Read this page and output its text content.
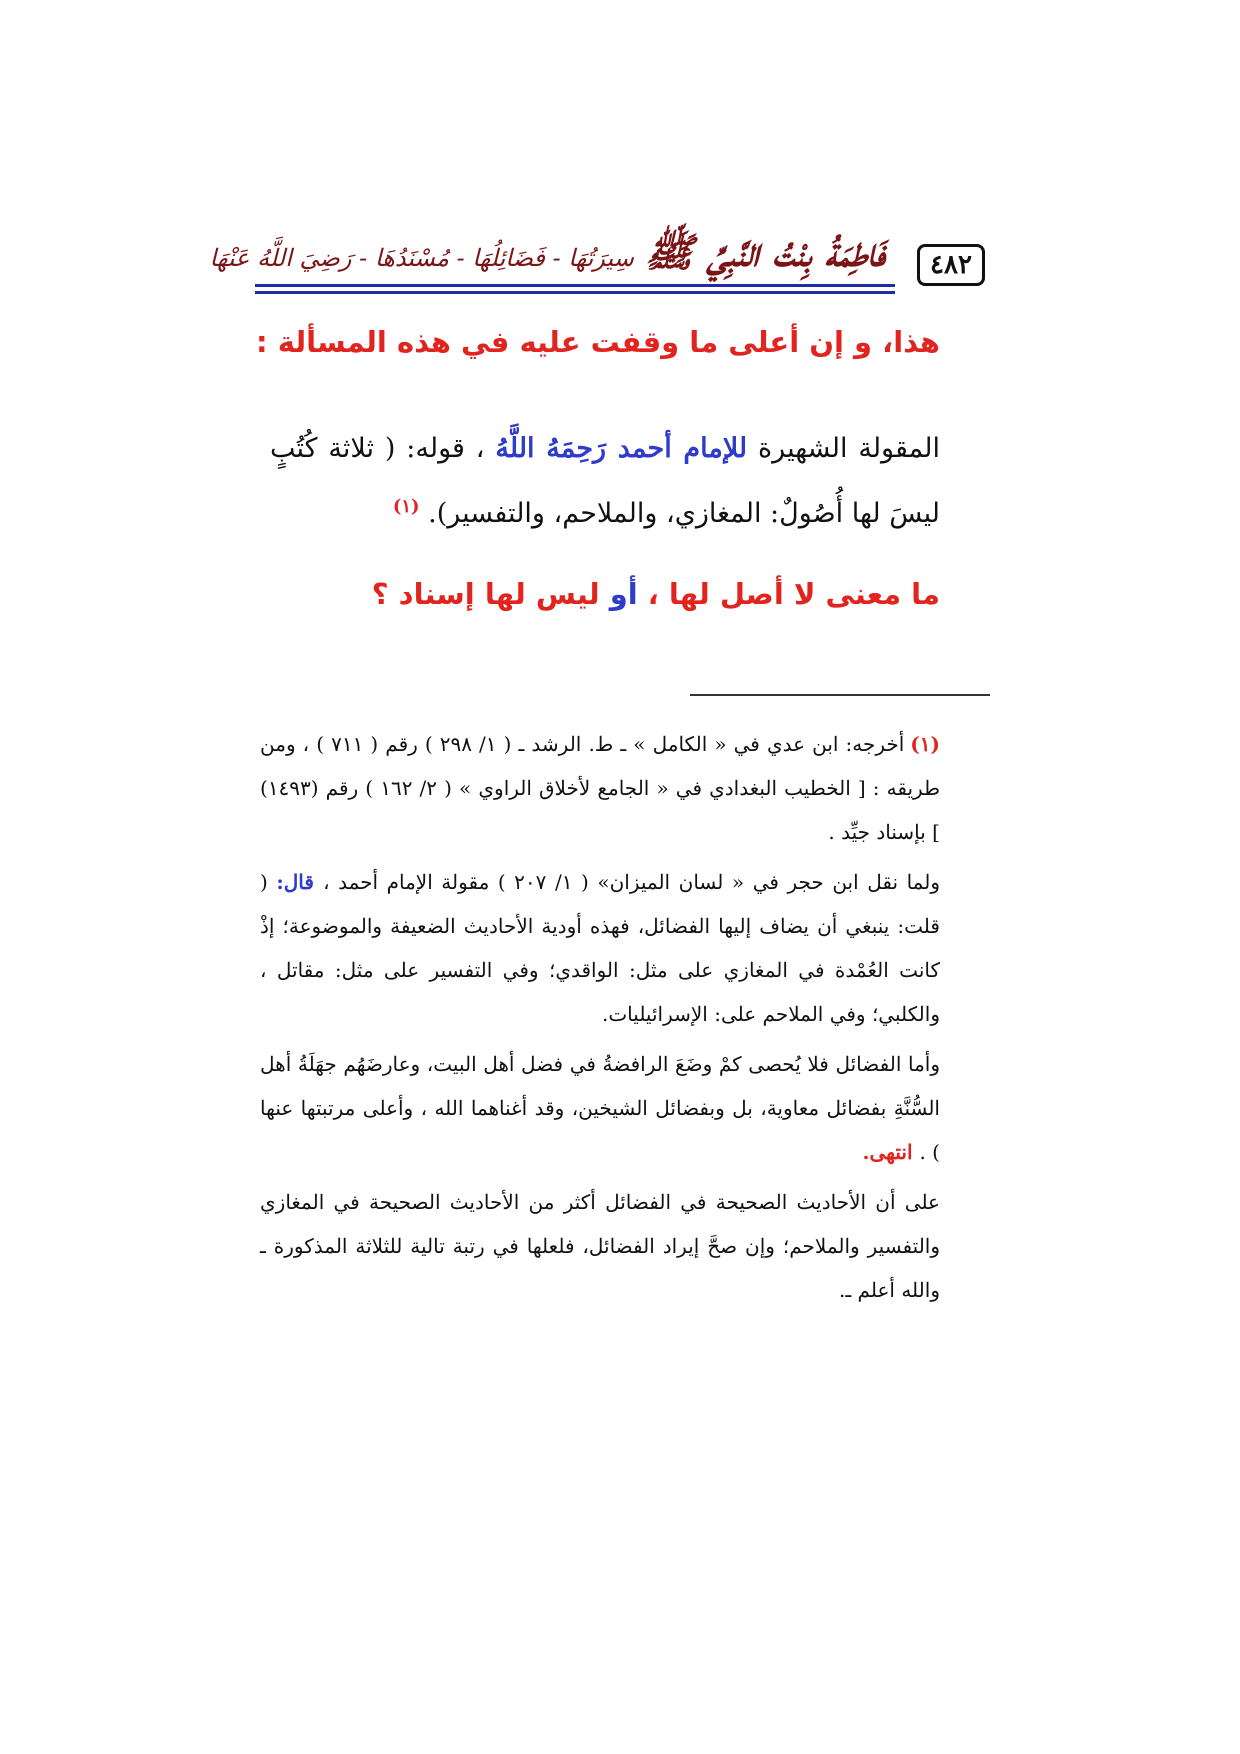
٤٨٢
فَاطِمَةُ بِنْتُ النَّبِيِّ ﷺ سِيرَتُهَا - فَضَائِلُهَا - مُسْنَدُهَا - رَضِيَ اللَّهُ عَنْهَا
هذا، و إن أعلى ما وقفت عليه في هذه المسألة :
المقولة الشهيرة للإمام أحمد رَحِمَهُ اللَّهُ ، قوله: ( ثلاثة كُتُبٍ ليسَ لها أُصُولٌ: المغازي، والملاحم، والتفسير). $^{(١)}$
ما معنى لا أصل لها ، أو ليس لها إسناد ؟

(١)أخرجه: ابن عدي في « الكامل » ـ ط. الرشد ـ ( ١/ ٢٩٨ ) رقم ( ٧١١ ) ، ومن طريقه : [ الخطيب البغدادي في « الجامع لأخلاق الراوي » ( ٢/ ١٦٢ ) رقم (١٤٩٣) ] بإسناد جيِّد .

ولما نقل ابن حجر في « لسان الميزان» ( ١/ ٢٠٧ ) مقولة الإمام أحمد ، قال: ( قلت: ينبغي أن يضاف إليها الفضائل، فهذه أودية الأحاديث الضعيفة والموضوعة؛ إذْ كانت العُمْدة في المغازي على مثل: الواقدي؛ وفي التفسير على مثل: مقاتل ، والكلبي؛ وفي الملاحم على: الإسرائيليات.

وأما الفضائل فلا يُحصى كمْ وضَعَ الرافضةُ في فضل أهل البيت، وعارضَهُم جهَلَةُ أهل السُّنَّةِ بفضائل معاوية، بل وبفضائل الشيخين، وقد أغناهما الله ، وأعلى مرتبتها عنها ) . انتهى.

على أن الأحاديث الصحيحة في الفضائل أكثر من الأحاديث الصحيحة في المغازي والتفسير والملاحم؛ وإن صحَّ إيراد الفضائل، فلعلها في رتبة تالية للثلاثة المذكورة ـ والله أعلم ـ.
